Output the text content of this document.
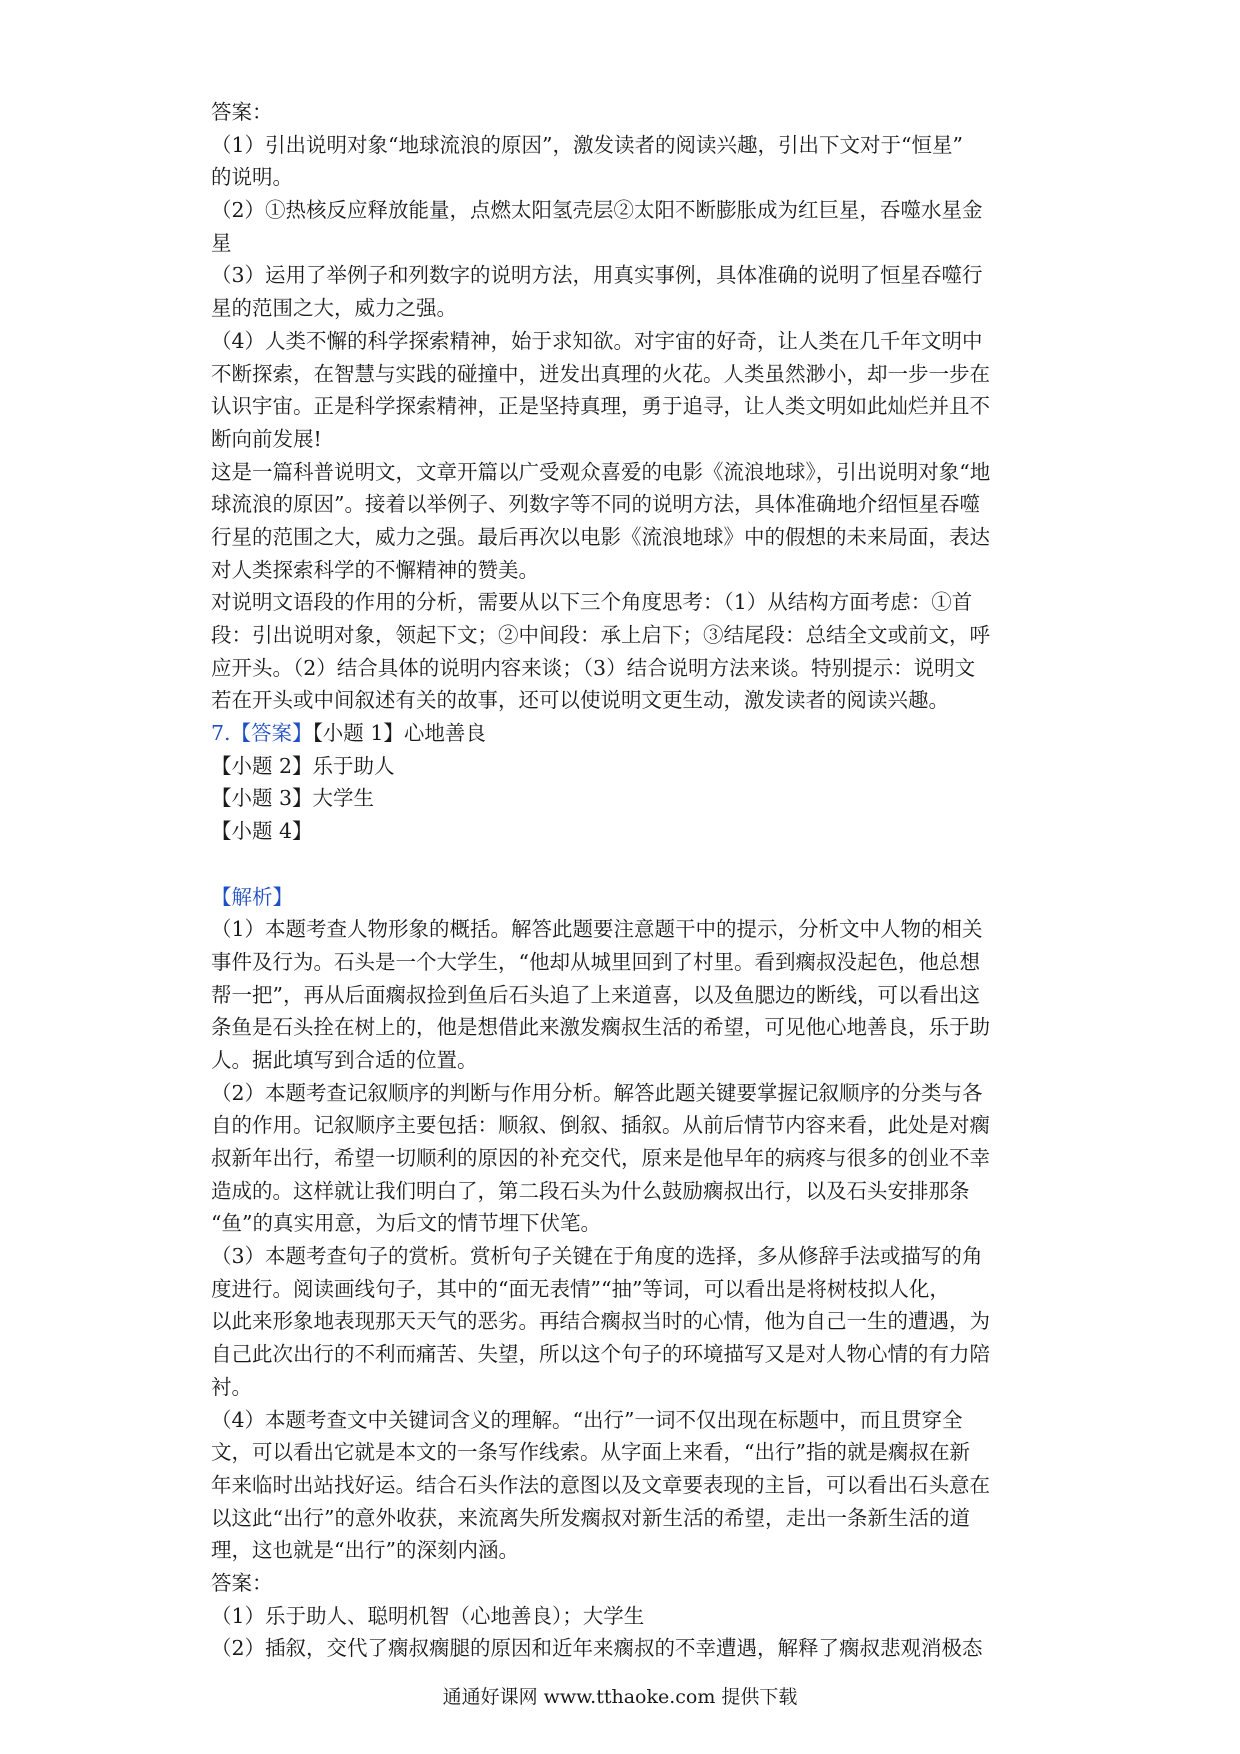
答案：
（1）引出说明对象“地球流浪的原因”，激发读者的阅读兴趣，引出下文对于“恒星”
的说明。
（2）①热核反应释放能量，点燃太阳氢壳层②太阳不断膨胀成为红巨星，吞噬水星金
星
（3）运用了举例子和列数字的说明方法，用真实事例，具体准确的说明了恒星吞噬行
星的范围之大，威力之强。
（4）人类不懈的科学探索精神，始于求知欲。对宇宙的好奇，让人类在几千年文明中
不断探索，在智慧与实践的碰撞中，迸发出真理的火花。人类虽然渺小，却一步一步在
认识宇宙。正是科学探索精神，正是坚持真理，勇于追寻，让人类文明如此灿烂并且不
断向前发展!
这是一篇科普说明文，文章开篇以广受观众喜爱的电影《流浪地球》，引出说明对象“地
球流浪的原因”。接着以举例子、列数字等不同的说明方法，具体准确地介绍恒星吞噬
行星的范围之大，威力之强。最后再次以电影《流浪地球》中的假想的未来局面，表达
对人类探索科学的不懈精神的赞美。
对说明文语段的作用的分析，需要从以下三个角度思考：（1）从结构方面考虑：①首
段：引出说明对象，领起下文；②中间段：承上启下；③结尾段：总结全文或前文，呼
应开头。（2）结合具体的说明内容来谈；（3）结合说明方法来谈。特别提示：说明文
若在开头或中间叙述有关的故事，还可以使说明文更生动，激发读者的阅读兴趣。
7.【答案】【小题 1】心地善良
【小题 2】乐于助人
【小题 3】大学生
【小题 4】
【解析】
（1）本题考查人物形象的概括。解答此题要注意题干中的提示，分析文中人物的相关
事件及行为。石头是一个大学生，“他却从城里回到了村里。看到瘸叔没起色，他总想
帮一把”，再从后面瘸叔捡到鱼后石头追了上来道喜，以及鱼腮边的断线，可以看出这
条鱼是石头拴在树上的，他是想借此来激发瘸叔生活的希望，可见他心地善良，乐于助
人。据此填写到合适的位置。
（2）本题考查记叙顺序的判断与作用分析。解答此题关键要掌握记叙顺序的分类与各
自的作用。记叙顺序主要包括：顺叙、倒叙、插叙。从前后情节内容来看，此处是对瘸
叔新年出行，希望一切顺利的原因的补充交代，原来是他早年的病疼与很多的创业不幸
造成的。这样就让我们明白了，第二段石头为什么鼓励瘸叔出行，以及石头安排那条
“鱼”的真实用意，为后文的情节埋下伏笔。
（3）本题考查句子的赏析。赏析句子关键在于角度的选择，多从修辞手法或描写的角
度进行。阅读画线句子，其中的“面无表情”“抽”等词，可以看出是将树枝拟人化，
以此来形象地表现那天天气的恶劣。再结合瘸叔当时的心情，他为自己一生的遭遇，为
自己此次出行的不利而痛苦、失望，所以这个句子的环境描写又是对人物心情的有力陪
衬。
（4）本题考查文中关键词含义的理解。“出行”一词不仅出现在标题中，而且贯穿全
文，可以看出它就是本文的一条写作线索。从字面上来看，“出行”指的就是瘸叔在新
年来临时出站找好运。结合石头作法的意图以及文章要表现的主旨，可以看出石头意在
以这此“出行”的意外收获，来流离失所发瘸叔对新生活的希望，走出一条新生活的道
理，这也就是“出行”的深刻内涵。
答案：
（1）乐于助人、聪明机智（心地善良）；大学生
（2）插叙，交代了瘸叔瘸腿的原因和近年来瘸叔的不幸遭遇，解释了瘸叔悲观消极态
通通好课网 www.tthaoke.com 提供下载
